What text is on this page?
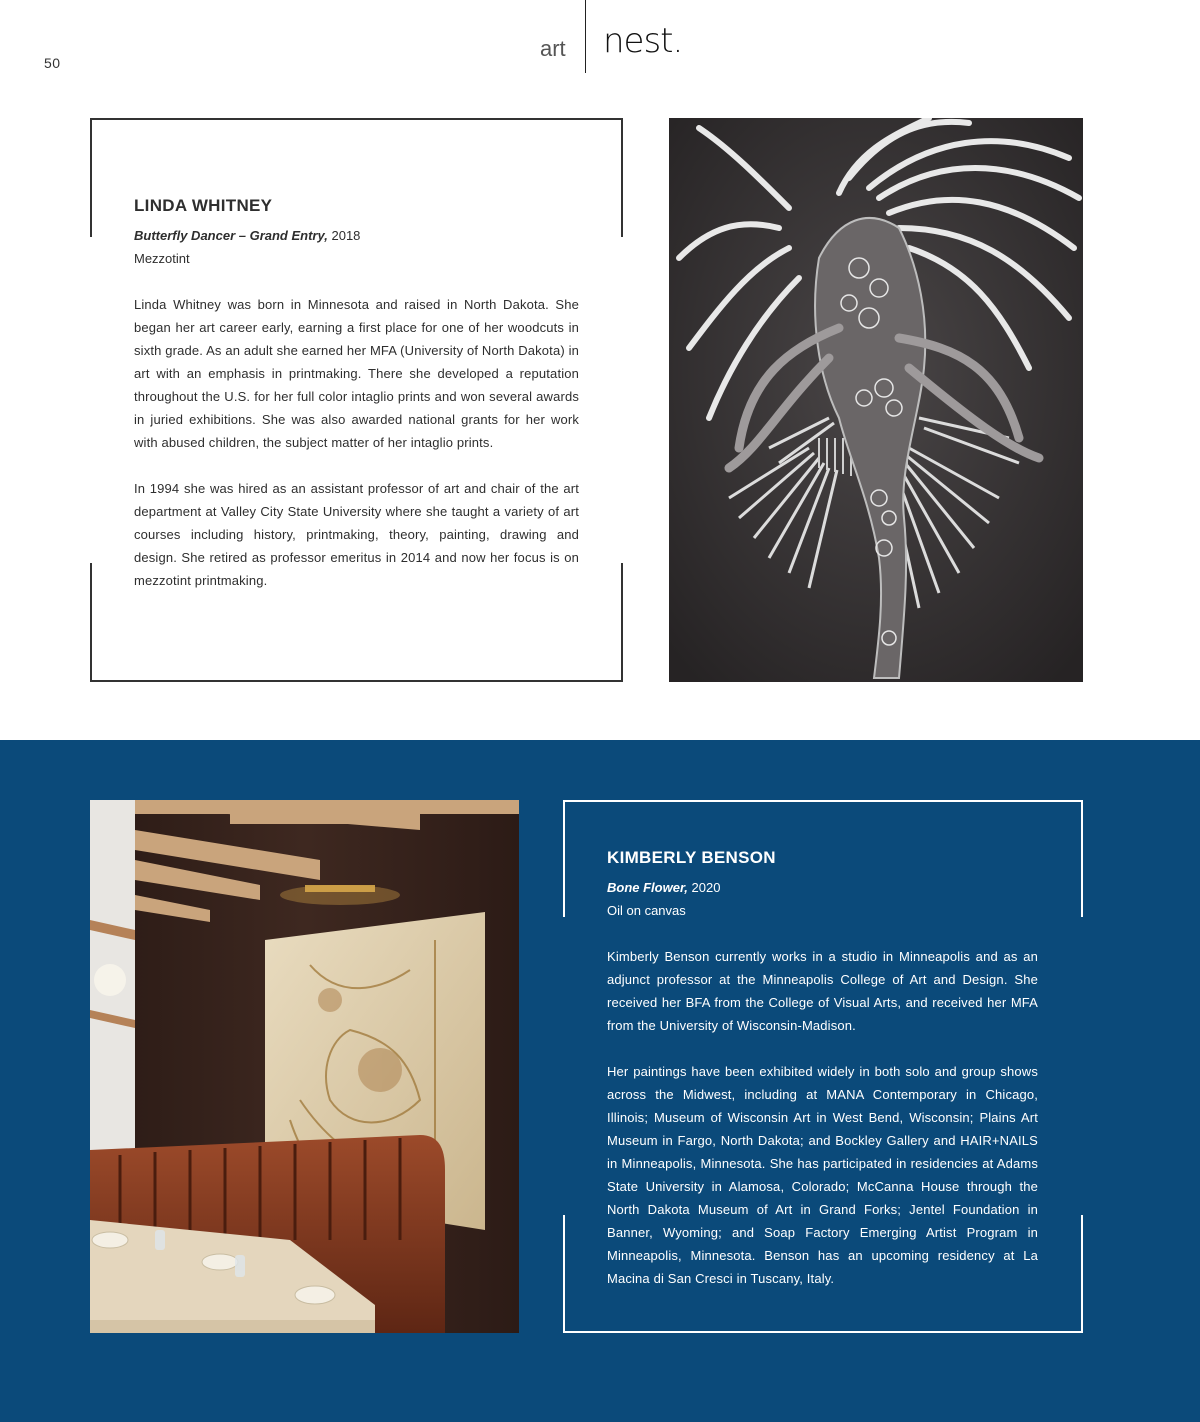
50
art nest.
LINDA WHITNEY
Butterfly Dancer – Grand Entry, 2018
Mezzotint

Linda Whitney was born in Minnesota and raised in North Dakota. She began her art career early, earning a first place for one of her woodcuts in sixth grade. As an adult she earned her MFA (University of North Dakota) in art with an emphasis in printmaking. There she developed a reputation throughout the U.S. for her full color intaglio prints and won several awards in juried exhibitions. She was also awarded national grants for her work with abused children, the subject matter of her intaglio prints.

In 1994 she was hired as an assistant professor of art and chair of the art department at Valley City State University where she taught a variety of art courses including history, printmaking, theory, painting, drawing and design. She retired as professor emeritus in 2014 and now her focus is on mezzotint printmaking.

KIMBERLY BENSON
Bone Flower, 2020
Oil on canvas

Kimberly Benson currently works in a studio in Minneapolis and as an adjunct professor at the Minneapolis College of Art and Design. She received her BFA from the College of Visual Arts, and received her MFA from the University of Wisconsin-Madison.

Her paintings have been exhibited widely in both solo and group shows across the Midwest, including at MANA Contemporary in Chicago, Illinois; Museum of Wisconsin Art in West Bend, Wisconsin; Plains Art Museum in Fargo, North Dakota; and Bockley Gallery and HAIR+NAILS in Minneapolis, Minnesota. She has participated in residencies at Adams State University in Alamosa, Colorado; McCanna House through the North Dakota Museum of Art in Grand Forks; Jentel Foundation in Banner, Wyoming; and Soap Factory Emerging Artist Program in Minneapolis, Minnesota. Benson has an upcoming residency at La Macina di San Cresci in Tuscany, Italy.
